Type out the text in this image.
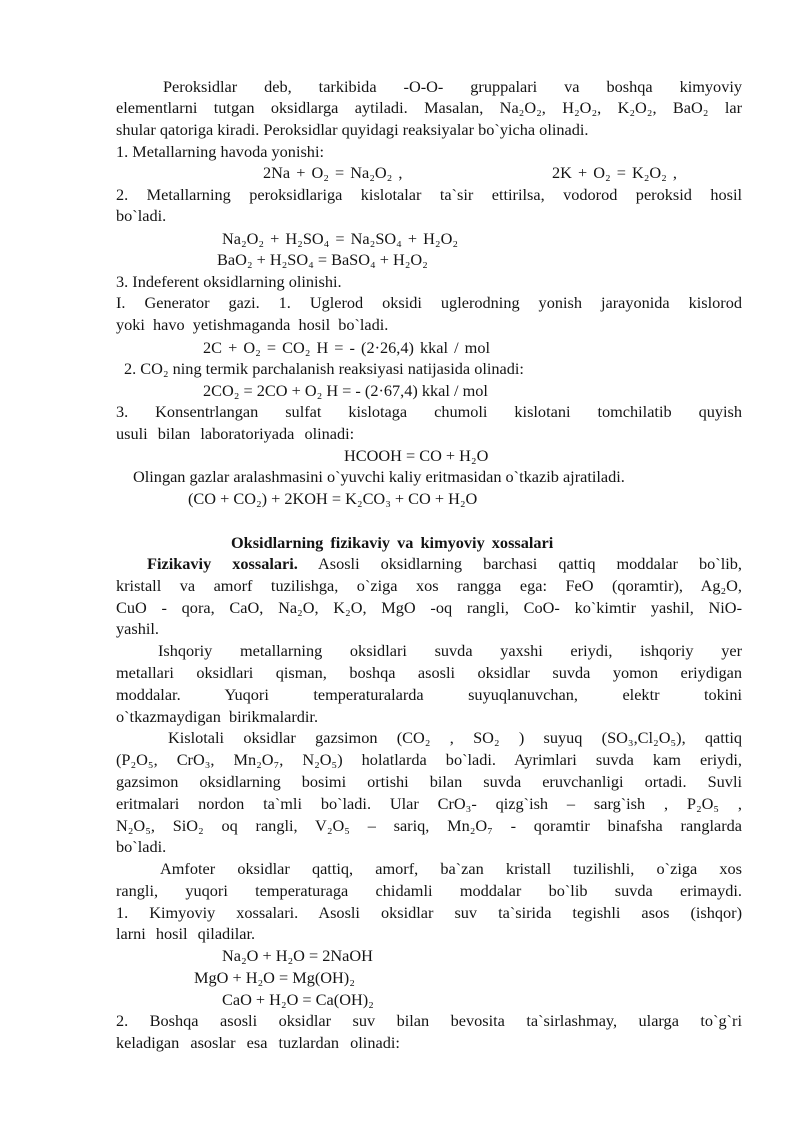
Peroksidlar deb, tarkibida -O-O- gruppalari va boshqa kimyoviy
elementlarni tutgan oksidlarga aytiladi. Masalan, Na₂O₂, H₂O₂, K₂O₂, BaO₂ lar
shular qatoriga kiradi. Peroksidlar quyidagi reaksiyalar bo`yicha olinadi.
1. Metallarning havoda yonishi:
2Na + O₂ = Na₂O₂ ,	2K + O₂ = K₂O₂ ,
2. Metallarning peroksidlariga kislotalar ta`sir ettirilsa, vodorod peroksid hosil
bo`ladi.
Na₂O₂ + H₂SO₄ = Na₂SO₄ + H₂O₂
BaO₂ + H₂SO₄ = BaSO₄ + H₂O₂
3. Indeferent oksidlarning olinishi.
I. Generator gazi. 1. Uglerod oksidi uglerodning yonish jarayonida kislorod
yoki havo yetishmaganda hosil bo`ladi.
2C + O₂ = CO₂ H = - (2·26,4) kkal / mol
2. CO₂ ning termik parchalanish reaksiyasi natijasida olinadi:
2CO₂ = 2CO + O₂ H = - (2·67,4) kkal / mol
3. Konsentrlangan sulfat kislotaga chumoli kislotani tomchilatib quyish
usuli bilan laboratoriyada olinadi:
HCOOH = CO + H₂O
Olingan gazlar aralashmasini o`yuvchi kaliy eritmasidan o`tkazib ajratiladi.
(CO + CO₂) + 2KOH = K₂CO₃ + CO + H₂O
Oksidlarning fizikaviy va kimyoviy xossalari
Fizikaviy xossalari. Asosli oksidlarning barchasi qattiq moddalar bo`lib,
kristall va amorf tuzilishga, o`ziga xos rangga ega: FeO (qoramtir), Ag₂O,
CuO - qora, CaO, Na₂O, K₂O, MgO -oq rangli, CoO- ko`kimtir yashil, NiO-
yashil.
Ishqoriy metallarning oksidlari suvda yaxshi eriydi, ishqoriy yer
metallari oksidlari qisman, boshqa asosli oksidlar suvda yomon eriydigan
moddalar. Yuqori temperaturalarda suyuqlanuvchan, elektr tokini
o`tkazmaydigan birikmalardir.
Kislotali oksidlar gazsimon (CO₂ , SO₂ ) suyuq (SO₃,Cl₂O₅), qattiq
(P₂O₅, CrO₃, Mn₂O₇, N₂O₅) holatlarda bo`ladi. Ayrimlari suvda kam eriydi,
gazsimon oksidlarning bosimi ortishi bilan suvda eruvchanligi ortadi. Suvli
eritmalari nordon ta`mli bo`ladi. Ular CrO₃- qizg`ish – sarg`ish , P₂O₅ ,
N₂O₅, SiO₂ oq rangli, V₂O₅ – sariq, Mn₂O₇ - qoramtir binafsha ranglarda
bo`ladi.
Amfoter oksidlar qattiq, amorf, ba`zan kristall tuzilishli, o`ziga xos
rangli, yuqori temperaturaga chidamli moddalar bo`lib suvda erimaydi.
1. Kimyoviy xossalari. Asosli oksidlar suv ta`sirida tegishli asos (ishqor)
larni hosil qiladilar.
Na₂O + H₂O = 2NaOH
MgO + H₂O = Mg(OH)₂
CaO + H₂O = Ca(OH)₂
2. Boshqa asosli oksidlar suv bilan bevosita ta`sirlashmay, ularga to`g`ri
keladigan asoslar esa tuzlardan olinadi:
